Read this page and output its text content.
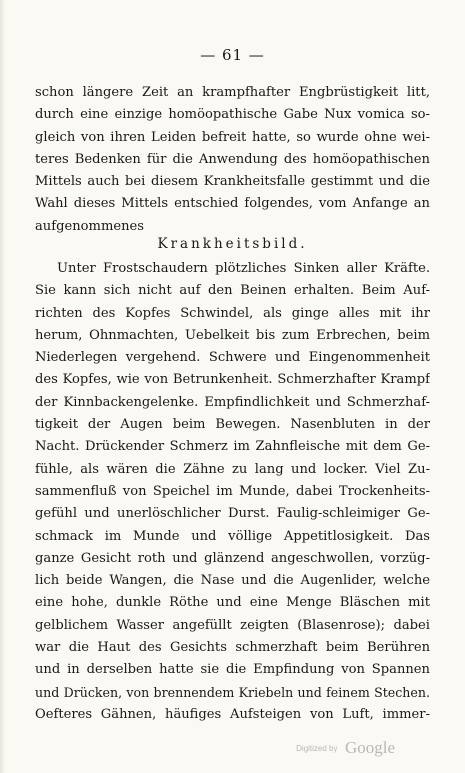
— 61 —
schon längere Zeit an krampfhafter Engbrüstigkeit litt,
durch eine einzige homöopathische Gabe Nux vomica so-
gleich von ihren Leiden befreit hatte, so wurde ohne wei-
teres Bedenken für die Anwendung des homöopathischen
Mittels auch bei diesem Krankheitsfalle gestimmt und die
Wahl dieses Mittels entschied folgendes, vom Anfange an
aufgenommenes
Krankheitsbild.
Unter Frostschaudern plötzliches Sinken aller Kräfte.
Sie kann sich nicht auf den Beinen erhalten. Beim Auf-
richten des Kopfes Schwindel, als ginge alles mit ihr
herum, Ohnmachten, Uebelkeit bis zum Erbrechen, beim
Niederlegen vergehend. Schwere und Eingenommenheit
des Kopfes, wie von Betrunkenheit. Schmerzhafter Krampf
der Kinnbackengelenke. Empfindlichkeit und Schmerzhaf-
tigkeit der Augen beim Bewegen. Nasenbluten in der
Nacht. Drückender Schmerz im Zahnfleische mit dem Ge-
fühle, als wären die Zähne zu lang und locker. Viel Zu-
sammenfluß von Speichel im Munde, dabei Trockenheits-
gefühl und unerlöschlicher Durst. Faulig-schleimiger Ge-
schmack im Munde und völlige Appetitlosigkeit. Das
ganze Gesicht roth und glänzend angeschwollen, vorzüg-
lich beide Wangen, die Nase und die Augenlider, welche
eine hohe, dunkle Röthe und eine Menge Bläschen mit
gelblichem Wasser angefüllt zeigten (Blasenrose); dabei
war die Haut des Gesichts schmerzhaft beim Berühren
und in derselben hatte sie die Empfindung von Spannen
und Drücken, von brennendem Kriebeln und feinem Stechen.
Oefteres Gähnen, häufiges Aufsteigen von Luft, immer-
Digitized by Google
